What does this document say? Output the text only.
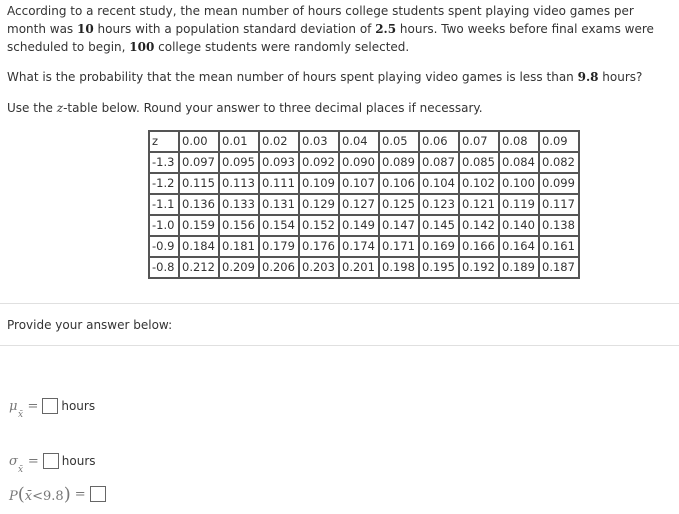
According to a recent study, the mean number of hours college students spent playing video games per month was 10 hours with a population standard deviation of 2.5 hours. Two weeks before final exams were scheduled to begin, 100 college students were randomly selected.
What is the probability that the mean number of hours spent playing video games is less than 9.8 hours?
Use the z-table below. Round your answer to three decimal places if necessary.
z	0.00	0.01	0.02	0.03	0.04	0.05	0.06	0.07	0.08	0.09
-1.3	0.097	0.095	0.093	0.092	0.090	0.089	0.087	0.085	0.084	0.082
-1.2	0.115	0.113	0.111	0.109	0.107	0.106	0.104	0.102	0.100	0.099
-1.1	0.136	0.133	0.131	0.129	0.127	0.125	0.123	0.121	0.119	0.117
-1.0	0.159	0.156	0.154	0.152	0.149	0.147	0.145	0.142	0.140	0.138
-0.9	0.184	0.181	0.179	0.176	0.174	0.171	0.169	0.166	0.164	0.161
-0.8	0.212	0.209	0.206	0.203	0.201	0.198	0.195	0.192	0.189	0.187
Provide your answer below:
μ
x̄
= hours
σ
x̄
= hours
P(x̄<9.8) =
